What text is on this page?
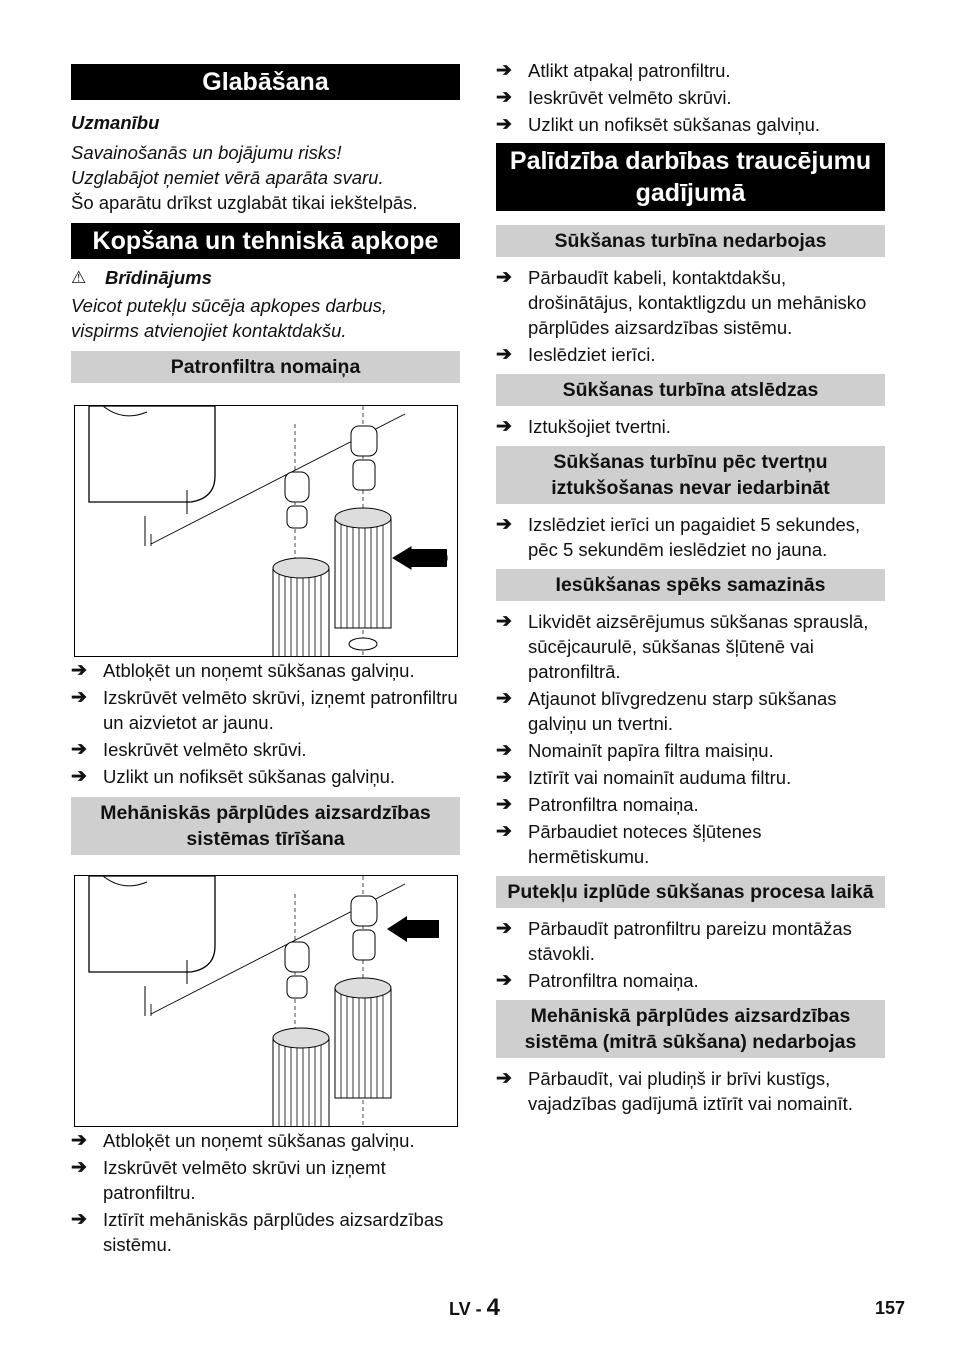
Glabāšana
Uzmanību
Savainošanās un bojājumu risks!
Uzglabājot ņemiet vērā aparāta svaru.
Šo aparātu drīkst uzglabāt tikai iekštelpās.
Kopšana un tehniskā apkope
⚠	Brīdinājums
Veicot putekļu sūcēja apkopes darbus,
vispirms atvienojiet kontaktdakšu.
Patronfiltra nomaiņa
➔ Atbloķēt un noņemt sūkšanas galviņu.
➔ Izskrūvēt velmēto skrūvi, izņemt patronfiltru un aizvietot ar jaunu.
➔ Ieskrūvēt velmēto skrūvi.
➔ Uzlikt un nofiksēt sūkšanas galviņu.
Mehāniskās pārplūdes aizsardzības sistēmas tīrīšana
➔ Atbloķēt un noņemt sūkšanas galviņu.
➔ Izskrūvēt velmēto skrūvi un izņemt patronfiltru.
➔ Iztīrīt mehāniskās pārplūdes aizsardzības sistēmu.
➔ Atlikt atpakaļ patronfiltru.
➔ Ieskrūvēt velmēto skrūvi.
➔ Uzlikt un nofiksēt sūkšanas galviņu.
Palīdzība darbības traucējumu gadījumā
Sūkšanas turbīna nedarbojas
➔ Pārbaudīt kabeli, kontaktdakšu, drošinātājus, kontaktligzdu un mehānisko pārplūdes aizsardzības sistēmu.
➔ Ieslēdziet ierīci.
Sūkšanas turbīna atslēdzas
➔ Iztukšojiet tvertni.
Sūkšanas turbīnu pēc tvertņu iztukšošanas nevar iedarbināt
➔ Izslēdziet ierīci un pagaidiet 5 sekundes, pēc 5 sekundēm ieslēdziet no jauna.
Iesūkšanas spēks samazinās
➔ Likvidēt aizsērējumus sūkšanas sprauslā, sūcējcaurulē, sūkšanas šļūtenē vai patronfiltrā.
➔ Atjaunot blīvgredzenu starp sūkšanas galviņu un tvertni.
➔ Nomainīt papīra filtra maisiņu.
➔ Iztīrīt vai nomainīt auduma filtru.
➔ Patronfiltra nomaiņa.
➔ Pārbaudiet noteces šļūtenes hermētiskumu.
Putekļu izplūde sūkšanas procesa laikā
➔ Pārbaudīt patronfiltru pareizu montāžas stāvokli.
➔ Patronfiltra nomaiņa.
Mehāniskā pārplūdes aizsardzības sistēma (mitrā sūkšana) nedarbojas
➔ Pārbaudīt, vai pludiņš ir brīvi kustīgs, vajadzības gadījumā iztīrīt vai nomainīt.
LV - 4	157
